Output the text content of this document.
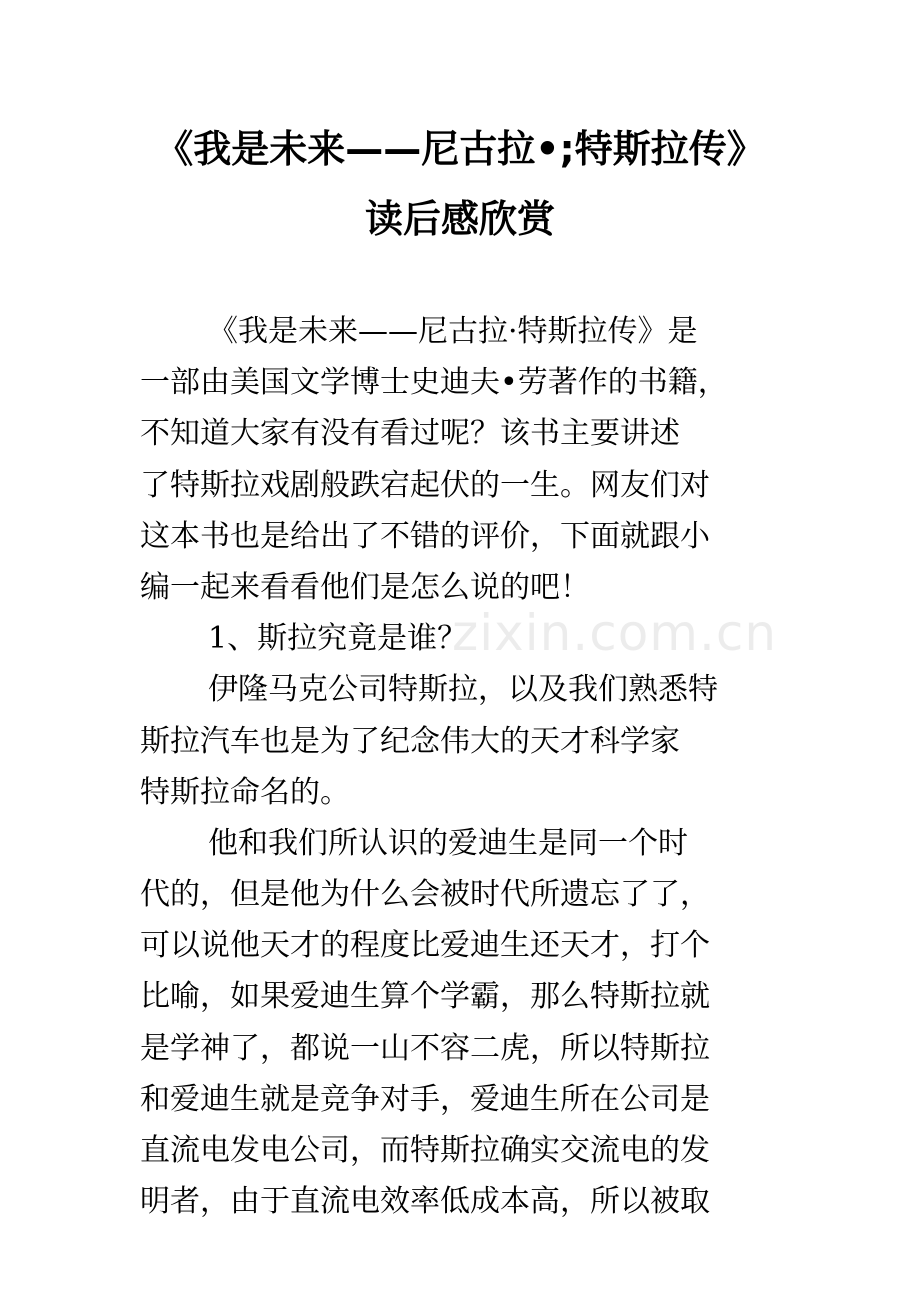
《我是未来——尼古拉•;特斯拉传》
读后感欣赏
《我是未来——尼古拉·特斯拉传》是
一部由美国文学博士史迪夫•劳著作的书籍，
不知道大家有没有看过呢？该书主要讲述
了特斯拉戏剧般跌宕起伏的一生。网友们对
这本书也是给出了不错的评价，下面就跟小
编一起来看看他们是怎么说的吧！
1、斯拉究竟是谁？
伊隆马克公司特斯拉，以及我们熟悉特
斯拉汽车也是为了纪念伟大的天才科学家
特斯拉命名的。
他和我们所认识的爱迪生是同一个时
代的，但是他为什么会被时代所遗忘了了，
可以说他天才的程度比爱迪生还天才，打个
比喻，如果爱迪生算个学霸，那么特斯拉就
是学神了，都说一山不容二虎，所以特斯拉
和爱迪生就是竞争对手，爱迪生所在公司是
直流电发电公司，而特斯拉确实交流电的发
明者，由于直流电效率低成本高，所以被取
zixin.com.cn
